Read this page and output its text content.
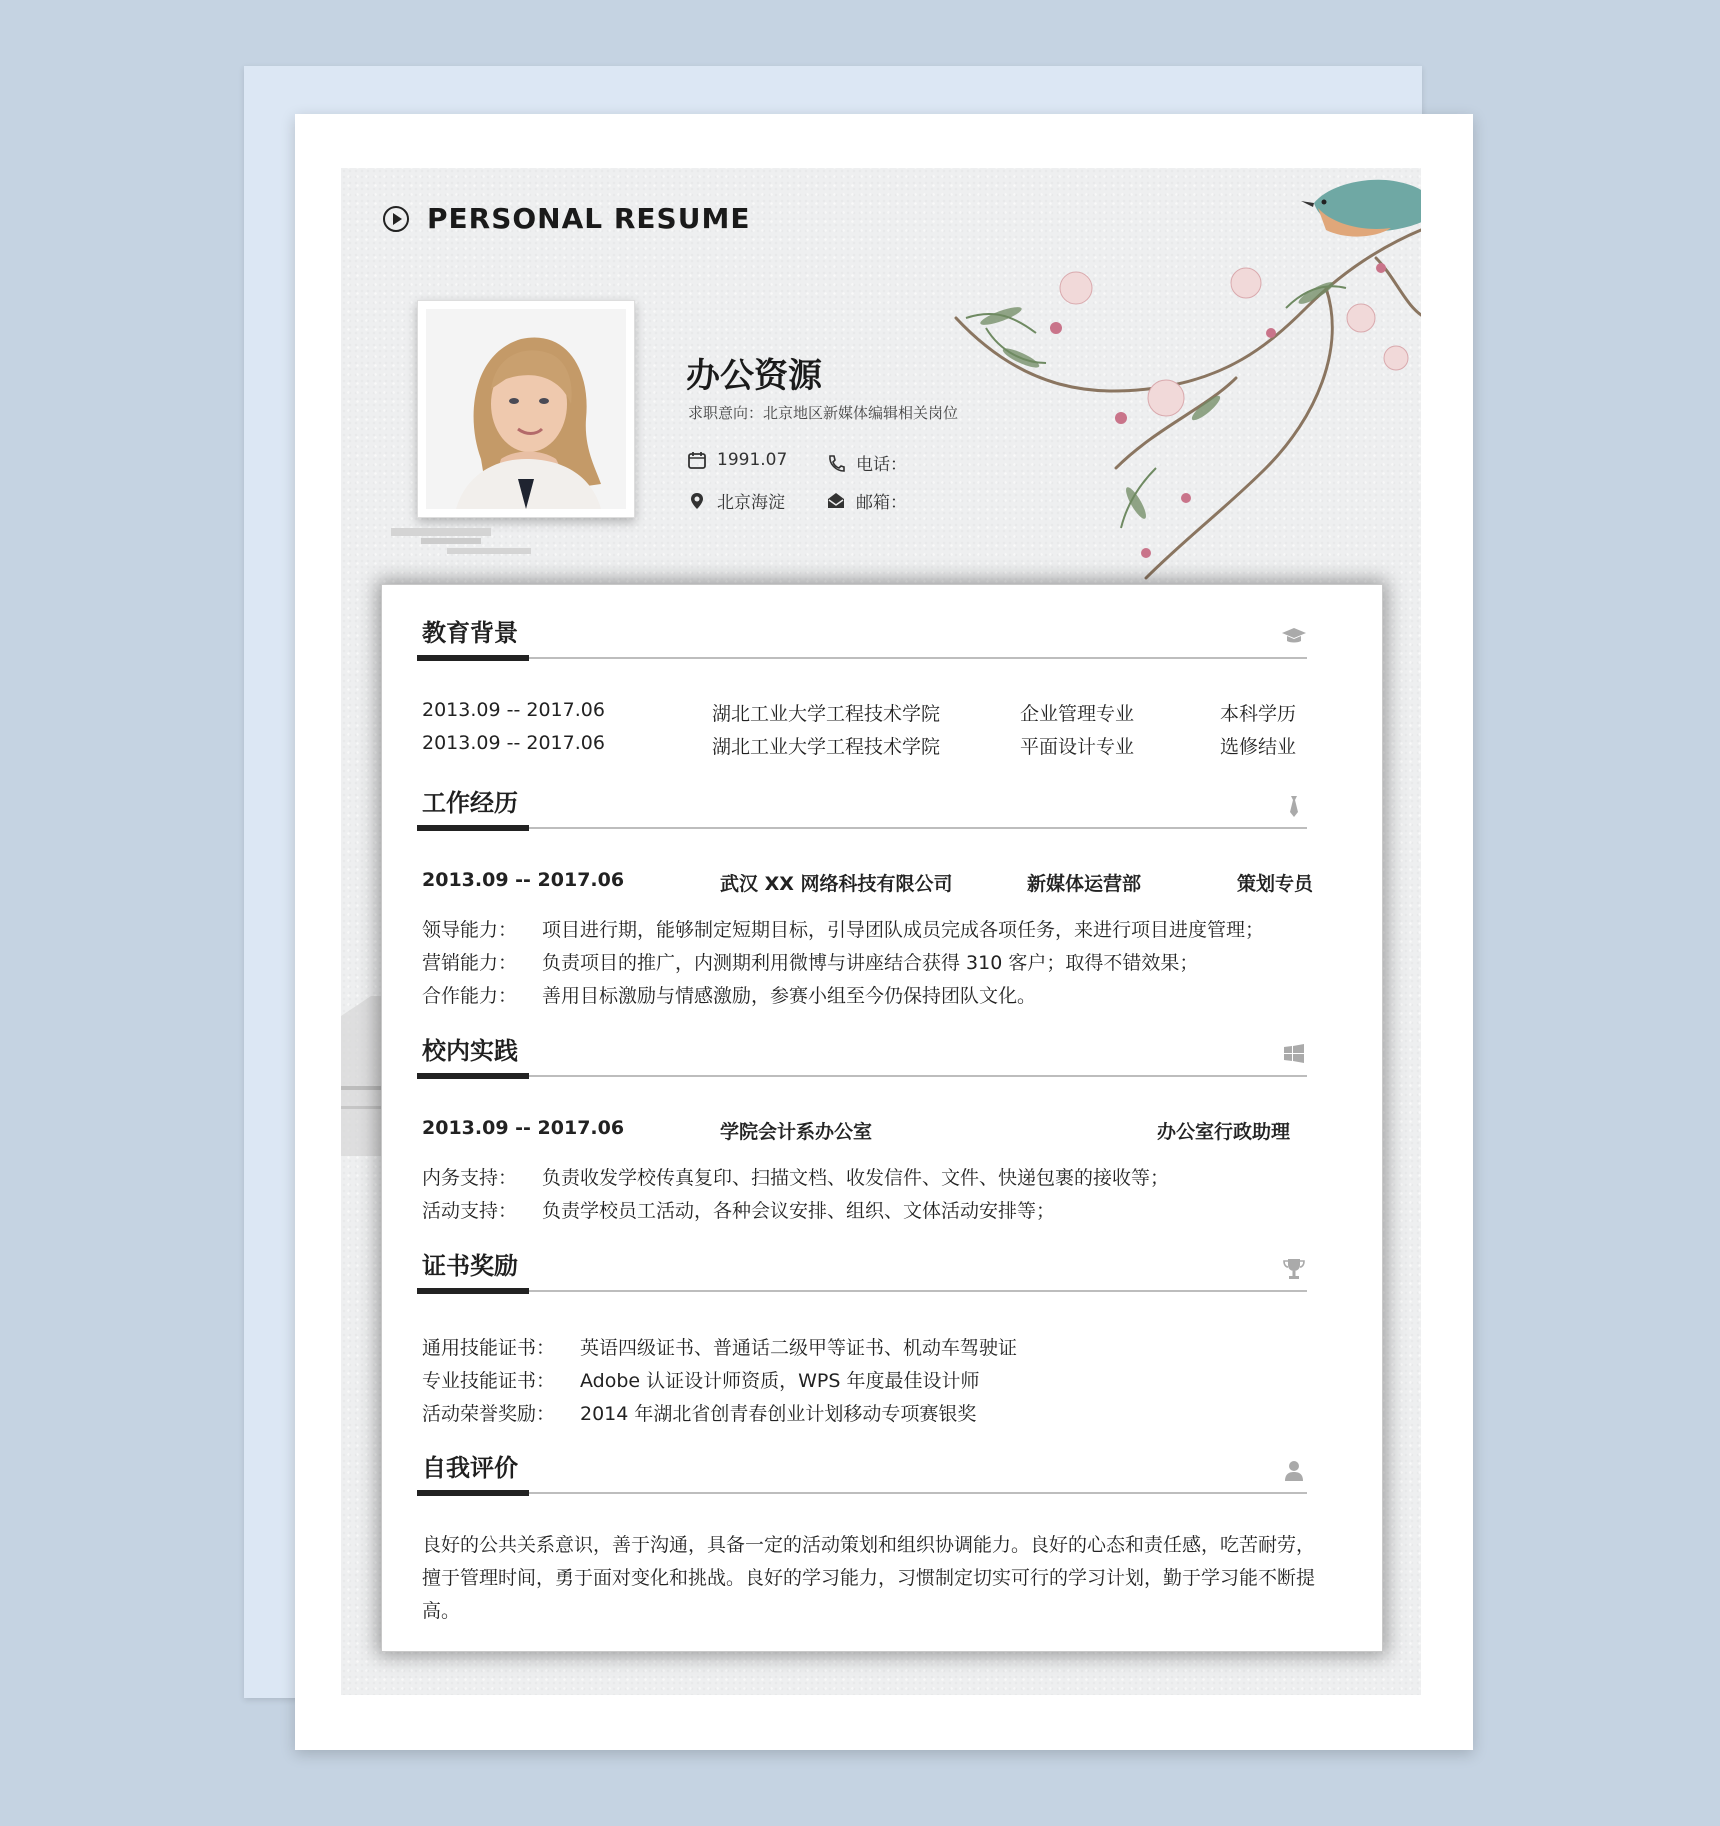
PERSONAL RESUME
办公资源
求职意向：北京地区新媒体编辑相关岗位
1991.07	电话：
北京海淀	邮箱：
教育背景
2013.09 -- 2017.06	湖北工业大学工程技术学院	企业管理专业	本科学历
2013.09 -- 2017.06	湖北工业大学工程技术学院	平面设计专业	选修结业
工作经历
2013.09 -- 2017.06	武汉 XX 网络科技有限公司	新媒体运营部	策划专员
领导能力： 项目进行期，能够制定短期目标，引导团队成员完成各项任务，来进行项目进度管理；
营销能力： 负责项目的推广，内测期利用微博与讲座结合获得 310 客户；取得不错效果；
合作能力： 善用目标激励与情感激励，参赛小组至今仍保持团队文化。
校内实践
2013.09 -- 2017.06	学院会计系办公室	办公室行政助理
内务支持： 负责收发学校传真复印、扫描文档、收发信件、文件、快递包裹的接收等；
活动支持： 负责学校员工活动，各种会议安排、组织、文体活动安排等；
证书奖励
通用技能证书： 英语四级证书、普通话二级甲等证书、机动车驾驶证
专业技能证书： Adobe 认证设计师资质，WPS 年度最佳设计师
活动荣誉奖励： 2014 年湖北省创青春创业计划移动专项赛银奖
自我评价
良好的公共关系意识，善于沟通，具备一定的活动策划和组织协调能力。良好的心态和责任感，吃苦耐劳，擅于管理时间，勇于面对变化和挑战。良好的学习能力，习惯制定切实可行的学习计划，勤于学习能不断提高。
